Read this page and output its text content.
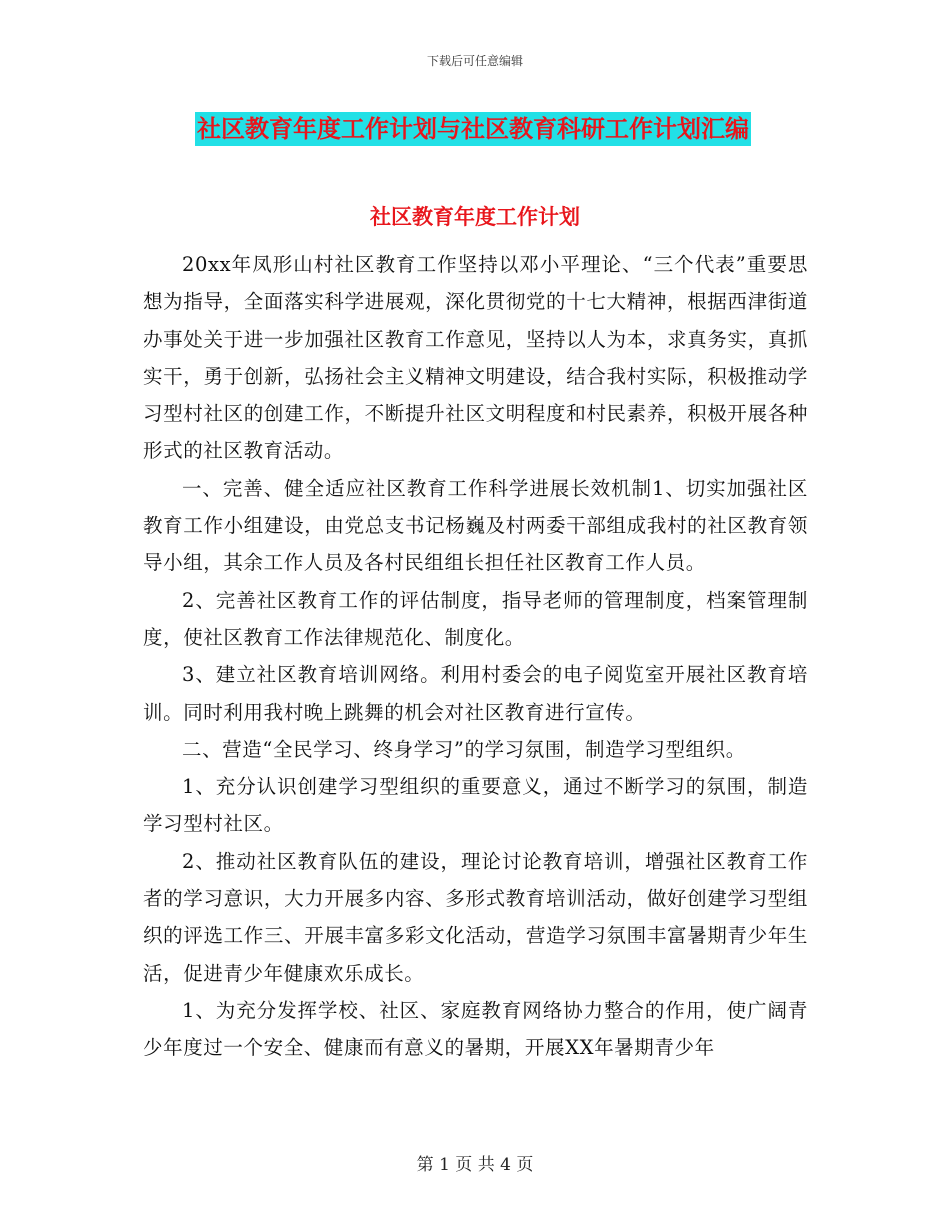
下载后可任意编辑
社区教育年度工作计划与社区教育科研工作计划汇编
社区教育年度工作计划

20xx年凤形山村社区教育工作坚持以邓小平理论、“三个代表”重要思想为指导，全面落实科学进展观，深化贯彻党的十七大精神，根据西津街道办事处关于进一步加强社区教育工作意见，坚持以人为本，求真务实，真抓实干，勇于创新，弘扬社会主义精神文明建设，结合我村实际，积极推动学习型村社区的创建工作，不断提升社区文明程度和村民素养，积极开展各种形式的社区教育活动。

一、完善、健全适应社区教育工作科学进展长效机制1、切实加强社区教育工作小组建设，由党总支书记杨巍及村两委干部组成我村的社区教育领导小组，其余工作人员及各村民组组长担任社区教育工作人员。

2、完善社区教育工作的评估制度，指导老师的管理制度，档案管理制度，使社区教育工作法律规范化、制度化。

3、建立社区教育培训网络。利用村委会的电子阅览室开展社区教育培训。同时利用我村晚上跳舞的机会对社区教育进行宣传。

二、营造“全民学习、终身学习”的学习氛围，制造学习型组织。

1、充分认识创建学习型组织的重要意义，通过不断学习的氛围，制造学习型村社区。

2、推动社区教育队伍的建设，理论讨论教育培训，增强社区教育工作者的学习意识，大力开展多内容、多形式教育培训活动，做好创建学习型组织的评选工作三、开展丰富多彩文化活动，营造学习氛围丰富暑期青少年生活，促进青少年健康欢乐成长。

1、为充分发挥学校、社区、家庭教育网络协力整合的作用，使广阔青少年度过一个安全、健康而有意义的暑期，开展XX年暑期青少年

第 1 页 共 4 页
